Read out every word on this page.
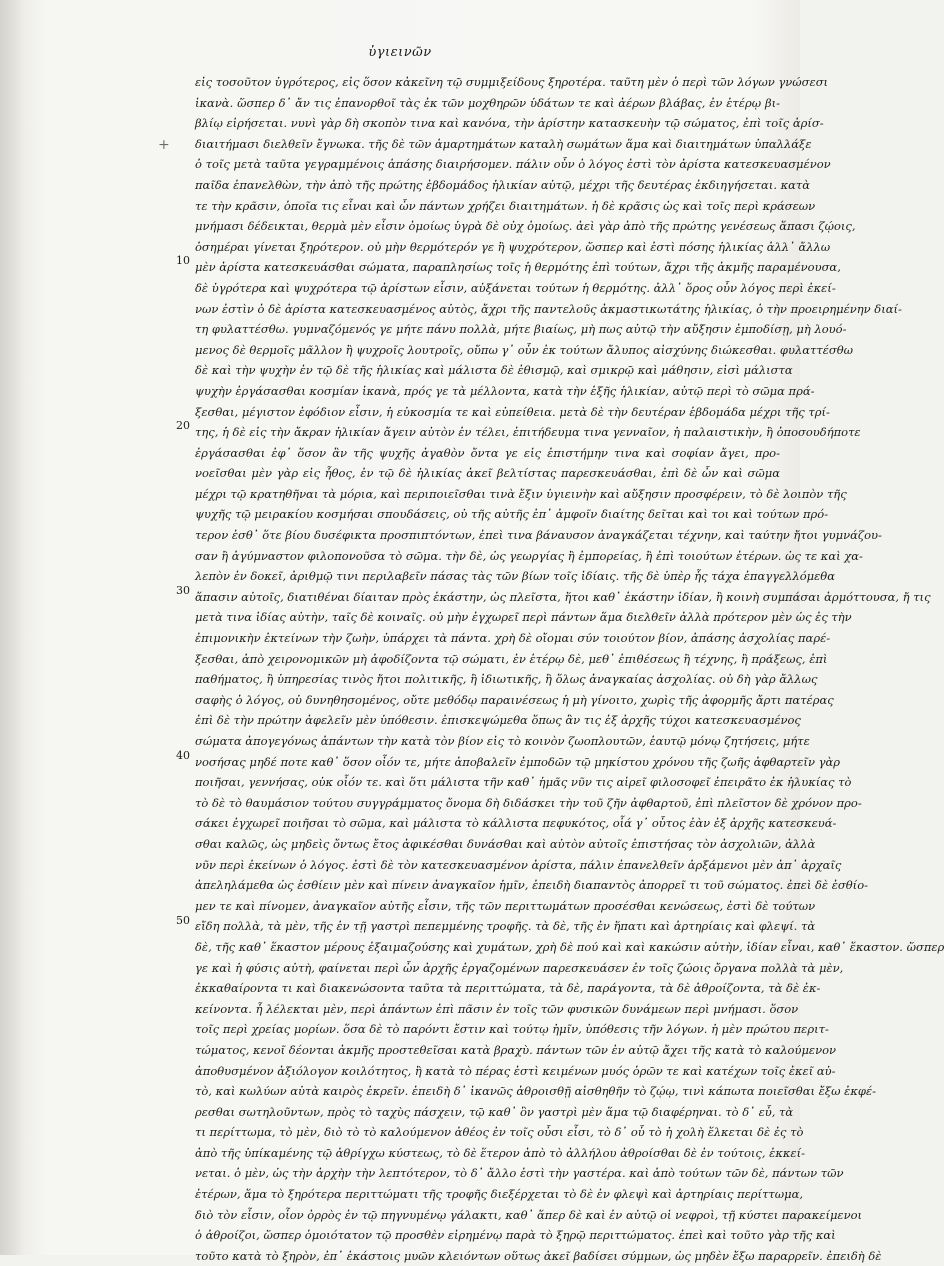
ὑγιεινῶν
+
10
20
30
40
50
εἰς τοσοῦτον ὑγρότερος, εἰς ὅσον κἀκεῖνη τῷ συμμιξείδους ξηροτέρα. ταῦτη μὲν ὁ περὶ τῶν λόγων γνώσεσι
ἱκανὰ. ὥσπερ δ᾽ ἄν τις ἐπανορθοῖ τὰς ἐκ τῶν μοχθηρῶν ὑδάτων τε καὶ ἀέρων βλάβας, ἐν ἑτέρῳ βι-
βλίῳ εἰρήσεται. νυνὶ γὰρ δὴ σκοπὸν τινα καὶ κανόνα, τὴν ἀρίστην κατασκευὴν τῷ σώματος, ἐπὶ τοῖς ἀρίσ-
διαιτήμασι διελθεῖν ἔγνωκα. τῆς δὲ τῶν ἁμαρτημάτων καταλὴ σωμάτων ἅμα καὶ διαιτημάτων ὑπαλλάξε
ὁ τοῖς μετὰ ταῦτα γεγραμμένοις ἁπάσης διαιρήσομεν. πάλιν οὖν ὁ λόγος ἐστὶ τὸν ἀρίστα κατεσκευασμένον
παῖδα ἐπανελθὼν, τὴν ἀπὸ τῆς πρώτης ἑβδομάδος ἡλικίαν αὐτῷ, μέχρι τῆς δευτέρας ἐκδιηγήσεται. κατὰ
τε τὴν κρᾶσιν, ὁποῖα τις εἶναι καὶ ὧν πάντων χρήζει διαιτημάτων. ἡ δὲ κρᾶσις ὡς καὶ τοῖς περὶ κράσεων
μνήμασι δέδεικται, θερμὰ μὲν εἶσιν ὁμοίως ὑγρὰ δὲ οὐχ ὁμοίως. ἀεὶ γὰρ ἀπὸ τῆς πρώτης γενέσεως ἅπασι ζῴοις,
ὁσημέραι γίνεται ξηρότερον. οὐ μὴν θερμότερόν γε ἢ ψυχρότερον, ὥσπερ καὶ ἐστὶ πόσης ἡλικίας ἀλλ᾽ ἄλλω
μὲν ἀρίστα κατεσκευάσθαι σώματα, παραπλησίως τοῖς ἡ θερμότης ἐπὶ τούτων, ἄχρι τῆς ἀκμῆς παραμένουσα,
δὲ ὑγρότερα καὶ ψυχρότερα τῷ ἀρίστων εἶσιν, αὐξάνεται τούτων ἡ θερμότης. ἀλλ᾽ ὅρος οὖν λόγος περὶ ἐκεί-
νων ἐστὶν ὁ δὲ ἀρίστα κατεσκευασμένος αὐτὸς, ἄχρι τῆς παντελοῦς ἀκμαστικωτάτης ἡλικίας, ὁ τὴν προειρημένην διαί-
τη φυλαττέσθω. γυμναζόμενός γε μήτε πάνυ πολλὰ, μήτε βιαίως, μὴ πως αὐτῷ τὴν αὔξησιν ἐμποδίσῃ, μὴ λουό-
μενος δὲ θερμοῖς μᾶλλον ἢ ψυχροῖς λουτροῖς, οὔπω γ᾽ οὖν ἐκ τούτων ἄλυπος αἰσχύνης διώκεσθαι. φυλαττέσθω
δὲ καὶ τὴν ψυχὴν ἐν τῷ δὲ τῆς ἡλικίας καὶ μάλιστα δὲ ἐθισμῷ, καὶ σμικρῷ καὶ μάθησιν, εἰσὶ μάλιστα
ψυχὴν ἐργάσασθαι κοσμίαν ἱκανὰ, πρός γε τὰ μέλλοντα, κατὰ τὴν ἑξῆς ἡλικίαν, αὐτῷ περὶ τὸ σῶμα πρά-
ξεσθαι, μέγιστον ἐφόδιον εἶσιν, ἡ εὐκοσμία τε καὶ εὐπείθεια. μετὰ δὲ τὴν δευτέραν ἑβδομάδα μέχρι τῆς τρί-
της, ἡ δὲ εἰς τὴν ἄκραν ἡλικίαν ἄγειν αὐτὸν ἐν τέλει, ἐπιτήδευμα τινα γενναῖον, ἡ παλαιστικὴν, ἢ ὁποσουδήποτε
ἐργάσασθαι ἐφ᾽ ὅσον ἂν τῆς ψυχῆς ἀγαθὸν ὄντα γε εἰς ἐπιστήμην τινα καὶ σοφίαν ἄγει, προ-
νοεῖσθαι μὲν γὰρ εἰς ἦθος, ἐν τῷ δὲ ἡλικίας ἀκεῖ βελτίστας παρεσκευάσθαι, ἐπὶ δὲ ὧν καὶ σῶμα
μέχρι τῷ κρατηθῆναι τὰ μόρια, καὶ περιποιεῖσθαι τινὰ ἔξιν ὑγιεινὴν καὶ αὔξησιν προσφέρειν, τὸ δὲ λοιπὸν τῆς
ψυχῆς τῷ μειρακίου κοσμήσαι σπουδάσεις, οὐ τῆς αὐτῆς ἐπ᾽ ἀμφοῖν διαίτης δεῖται καὶ τοι καὶ τούτων πρό-
τερον ἐσθ᾽ ὅτε βίου δυσέφικτα προσπιπτόντων, ἐπεὶ τινα βάναυσον ἀναγκάζεται τέχνην, καὶ ταύτην ἤτοι γυμνάζου-
σαν ἢ ἀγύμναστον φιλοπονοῦσα τὸ σῶμα. τὴν δὲ, ὡς γεωργίας ἢ ἐμπορείας, ἢ ἐπὶ τοιούτων ἑτέρων. ὡς τε καὶ χα-
λεπὸν ἐν δοκεῖ, ἀριθμῷ τινι περιλαβεῖν πάσας τὰς τῶν βίων τοῖς ἰδίαις. τῆς δὲ ὑπὲρ ἧς τάχα ἐπαγγελλόμεθα
ἅπασιν αὐτοῖς, διατιθέναι δίαιταν πρὸς ἑκάστην, ὡς πλεῖστα, ἥτοι καθ᾽ ἑκάστην ἰδίαν, ἢ κοινὴ συμπάσαι ἁρμόττουσα, ἤ τις
μετὰ τινα ἰδίας αὐτὴν, ταῖς δὲ κοιναῖς. οὐ μὴν ἐγχωρεῖ περὶ πάντων ἅμα διελθεῖν ἀλλὰ πρότερον μὲν ὡς ἐς τὴν
ἐπιμονικὴν ἐκτείνων τὴν ζωὴν, ὑπάρχει τὰ πάντα. χρὴ δὲ οἴομαι σύν τοιούτον βίον, ἀπάσης ἀσχολίας παρέ-
ξεσθαι, ἀπὸ χειρονομικῶν μὴ ἀφοδίζοντα τῷ σώματι, ἐν ἑτέρῳ δὲ, μεθ᾽ ἐπιθέσεως ἢ τέχνης, ἢ πράξεως, ἐπὶ
παθήματος, ἢ ὑπηρεσίας τινὸς ἤτοι πολιτικῆς, ἢ ἰδιωτικῆς, ἢ ὅλως ἀναγκαίας ἀσχολίας. οὐ δὴ γὰρ ἄλλως
σαφὴς ὁ λόγος, οὐ δυνηθησομένος, οὔτε μεθόδῳ παραινέσεως ἡ μὴ γίνοιτο, χωρὶς τῆς ἀφορμῆς ἄρτι πατέρας
ἐπὶ δὲ τὴν πρώτην ἀφελεῖν μὲν ὑπόθεσιν. ἐπισκεψώμεθα ὅπως ἂν τις ἐξ ἀρχῆς τύχοι κατεσκευασμένος
σώματα ἀπογεγόνως ἀπάντων τὴν κατὰ τὸν βίον εἰς τὸ κοινὸν ζωοπλουτῶν, ἑαυτῷ μόνῳ ζητήσεις, μήτε
νοσήσας μηδέ ποτε καθ᾽ ὅσον οἷόν τε, μήτε ἀποβαλεῖν ἐμποδῶν τῷ μηκίστου χρόνου τῆς ζωῆς ἀφθαρτεῖν γὰρ
ποιῆσαι, γεννήσας, οὐκ οἷόν τε. καὶ ὅτι μάλιστα τῆν καθ᾽ ἡμᾶς νῦν τις αἱρεῖ φιλοσοφεῖ ἐπειρᾶτο ἐκ ἠλυκίας τὸ
τὸ δὲ τὸ θαυμάσιον τούτου συγγράμματος ὄνομα δὴ διδάσκει τὴν τοῦ ζῆν ἀφθαρτοῦ, ἐπὶ πλεῖστον δὲ χρόνον προ-
σάκει ἐγχωρεῖ ποιῆσαι τὸ σῶμα, καὶ μάλιστα τὸ κάλλιστα πεφυκότος, οἷά γ᾽ οὗτος ἐὰν ἐξ ἀρχῆς κατεσκευά-
σθαι καλῶς, ὡς μηδεὶς ὄντως ἔτος ἀφικέσθαι δυνάσθαι καὶ αὐτὸν αὐτοῖς ἐπιστήσας τὸν ἀσχολιῶν, ἀλλὰ
νῦν περὶ ἐκείνων ὁ λόγος. ἐστὶ δὲ τὸν κατεσκευασμένον ἀρίστα, πάλιν ἐπανελθεῖν ἀρξάμενοι μὲν ἀπ᾽ ἀρχαῖς
ἀπεληλάμεθα ὡς ἐσθίειν μὲν καὶ πίνειν ἀναγκαῖον ἡμῖν, ἐπειδὴ διαπαντὸς ἀπορρεῖ τι τοῦ σώματος. ἐπεὶ δὲ ἐσθίο-
μεν τε καὶ πίνομεν, ἀναγκαῖον αὐτῆς εἶσιν, τῆς τῶν περιττωμάτων προσέσθαι κενώσεως, ἐστὶ δὲ τούτων
εἴδη πολλὰ, τὰ μὲν, τῆς ἐν τῇ γαστρὶ πεπεμμένης τροφῆς. τὰ δὲ, τῆς ἐν ἥπατι καὶ ἀρτηρίαις καὶ φλεψί. τὰ
δὲ, τῆς καθ᾽ ἕκαστον μέρους ἐξαιμαζούσης καὶ χυμάτων, χρὴ δὲ πού καὶ καὶ κακώσιν αὐτὴν, ἰδίαν εἶναι, καθ᾽ ἕκαστον. ὥσπερ
γε καὶ ἡ φύσις αὐτὴ, φαίνεται περὶ ὧν ἀρχῆς ἐργαζομένων παρεσκευάσεν ἐν τοῖς ζώοις ὄργανα πολλὰ τὰ μὲν,
ἐκκαθαίροντα τι καὶ διακενώσοντα ταῦτα τὰ περιττώματα, τὰ δὲ, παράγοντα, τὰ δὲ ἀθροίζοντα, τὰ δὲ ἐκ-
κείνοντα. ἦ λέλεκται μὲν, περὶ ἁπάντων ἐπὶ πᾶσιν ἐν τοῖς τῶν φυσικῶν δυνάμεων περὶ μνήμασι. ὅσον
τοῖς περὶ χρείας μορίων. ὅσα δὲ τὸ παρόντι ἔστιν καὶ τούτῳ ἡμῖν, ὑπόθεσις τῆν λόγων. ἡ μὲν πρώτου περιτ-
τώματος, κενοῖ δέονται ἀκμῆς προστεθεῖσαι κατὰ βραχὺ. πάντων τῶν ἐν αὐτῷ ἄχει τῆς κατὰ τὸ καλούμενον
ἀποθυσμένον ἀξιόλογον κοιλότητος, ἢ κατὰ τὸ πέρας ἐστὶ κειμένων μυός ὁρῶν τε καὶ κατέχων τοῖς ἐκεῖ αὐ-
τὸ, καὶ κωλύων αὐτὰ καιρὸς ἐκρεῖν. ἐπειδὴ δ᾽ ἱκανῶς ἀθροισθῇ αἰσθηθῆν τὸ ζῴῳ, τινὶ κάπωτα ποιεῖσθαι ἔξω ἐκφέ-
ρεσθαι σωτηλοῦντων, πρὸς τὸ ταχὺς πάσχειν, τῷ καθ᾽ ὃν γαστρὶ μὲν ἅμα τῷ διαφέρηναι. τὸ δ᾽ εὖ, τὰ
τι περίττωμα, τὸ μὲν, διὸ τὸ τὸ καλούμενον ἀθέος ἐν τοῖς οὖσι εἶσι, τὸ δ᾽ οὗ τὸ ἡ χολὴ ἕλκεται δὲ ἐς τὸ
ἀπὸ τῆς ὑπίκαμένης τῷ ἀθρίγχω κύστεως, τὸ δὲ ἕτερον ἀπὸ τὸ ἀλλήλου ἀθροίσθαι δὲ ἐν τούτοις, ἐκκεί-
νεται. ὁ μὲν, ὡς τὴν ἀρχὴν τὴν λεπτότερον, τὸ δ᾽ ἄλλο ἐστὶ τὴν γαστέρα. καὶ ἀπὸ τούτων τῶν δὲ, πάντων τῶν
ἑτέρων, ἅμα τὸ ξηρότερα περιττώματι τῆς τροφῆς διεξέρχεται τὸ δὲ ἐν φλεψὶ καὶ ἀρτηρίαις περίττωμα,
διὸ τὸν εἶσιν, οἷον ὀρρὸς ἐν τῷ πηγνυμένῳ γάλακτι, καθ᾽ ἅπερ δὲ καὶ ἐν αὐτῷ οἱ νεφροὶ, τῇ κύστει παρακείμενοι
ὁ ἀθροίζοι, ὥσπερ ὁμοιότατον τῷ προσθὲν εἰρημένῳ παρὰ τὸ ξηρῷ περιττώματος. ἐπεὶ καὶ τοῦτο γὰρ τῆς καὶ
τοῦτο κατὰ τὸ ξηρὸν, ἐπ᾽ ἑκάστοις μυῶν κλειόντων οὕτως ἀκεῖ βαδίσει σύμμων, ὡς μηδὲν ἔξω παραρρεῖν. ἐπειδὴ δὲ
